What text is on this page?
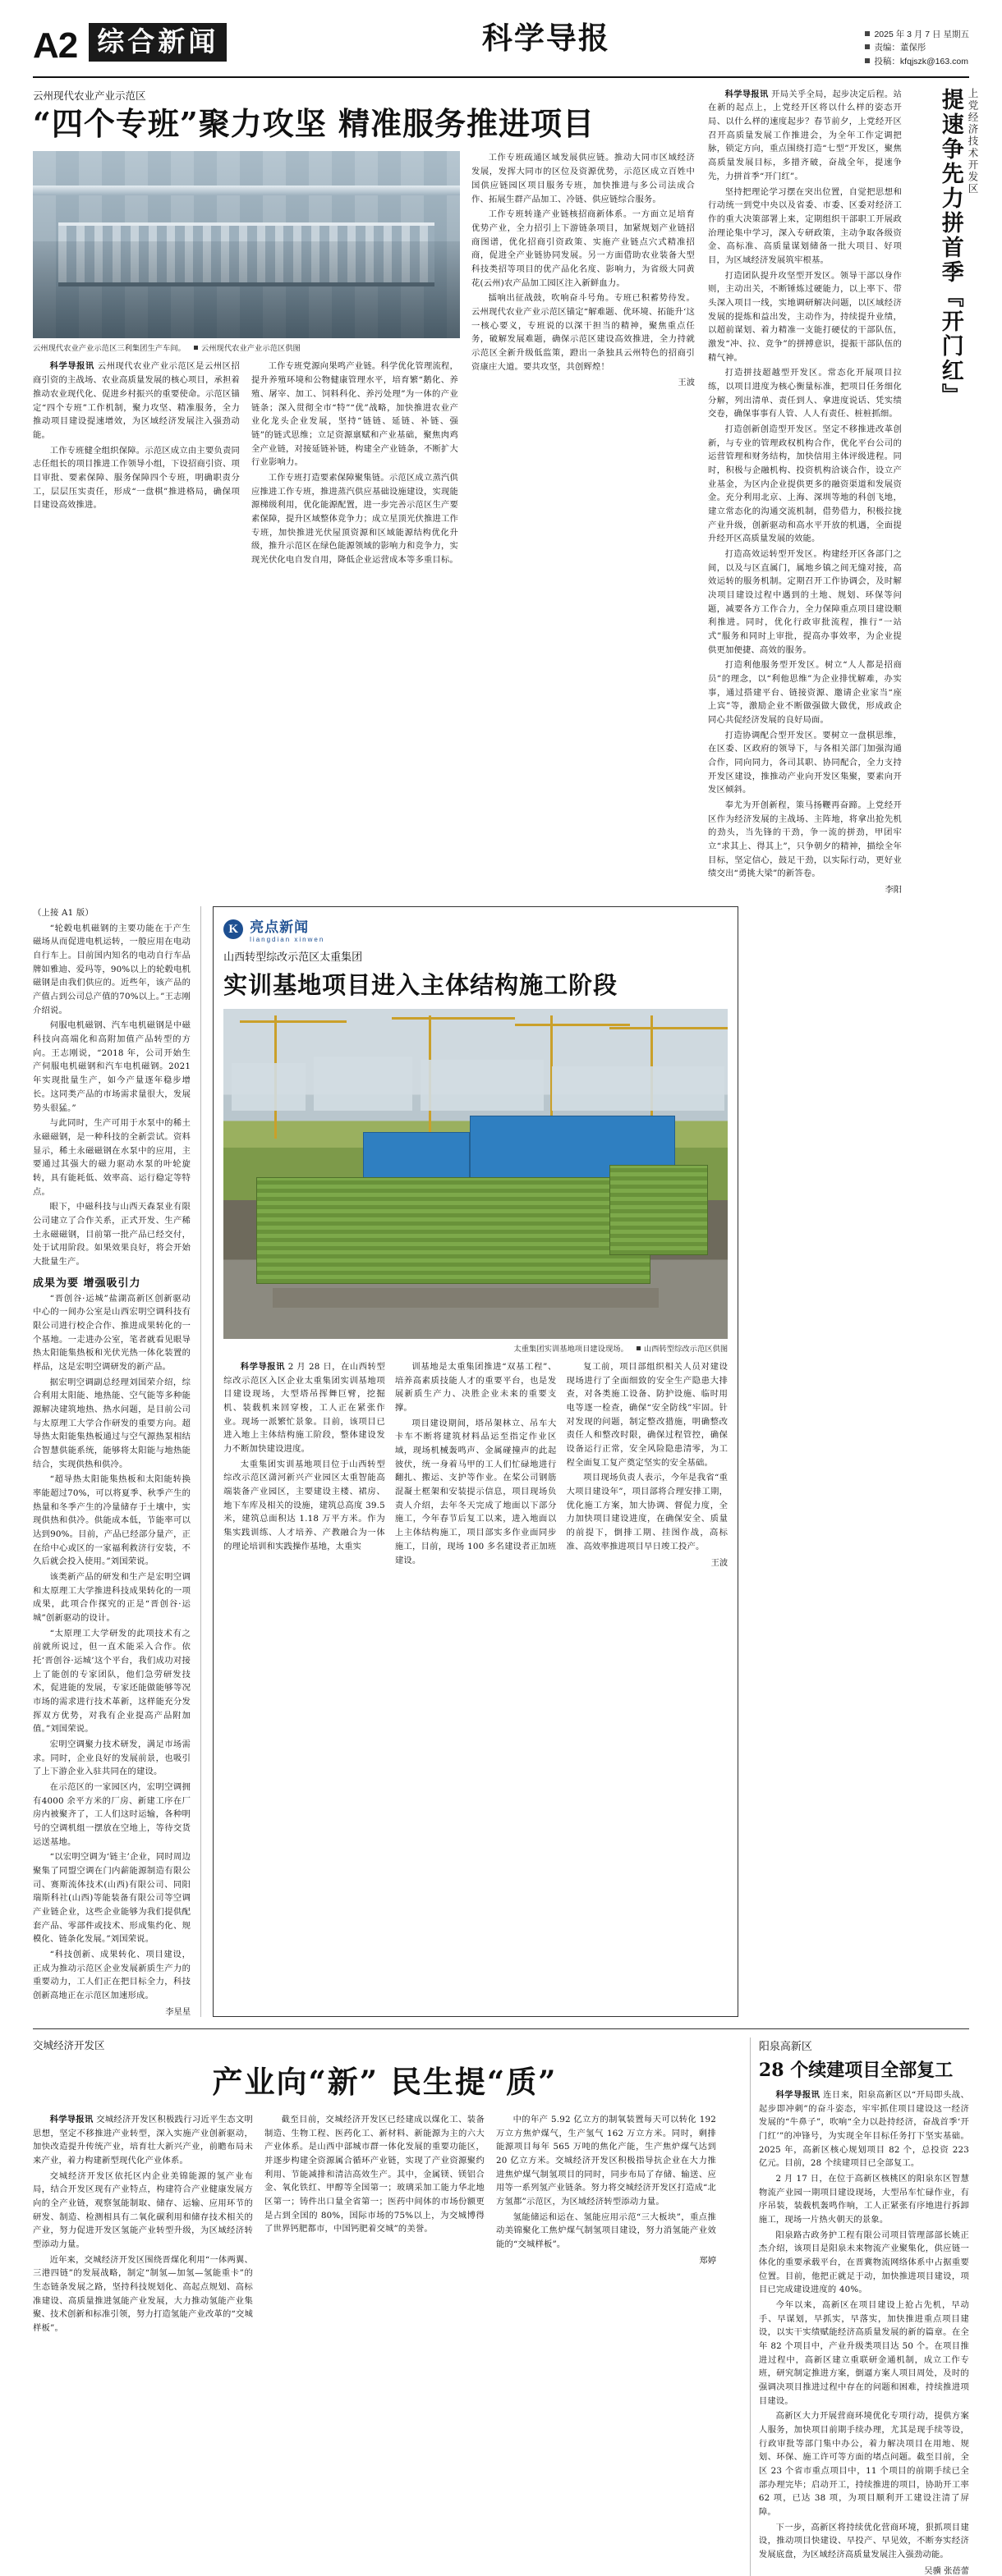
A2 综合新闻	科学导报	2025 年 3 月 7 日 星期五
责编：董保彤
投稿：kfqjszk@163.com
云州现代农业产业示范区
“四个专班”聚力攻坚 精准服务推进项目
云州现代农业产业示范区三利集团生产车间。	云州现代农业产业示范区供图

科学导报讯 云州现代农业产业示范区是云州区招商引资的主战场、农业高质量发展的核心项目，承担着推动农业现代化、促进乡村振兴的重要使命。示范区锚定“四个专班”工作机制，聚力攻坚、精准服务，全力推动项目建设提速增效，为区域经济发展注入强劲动能。

工作专班健全组织保障。示范区成立由主要负责同志任组长的项目推进工作领导小组，下设招商引资、项目审批、要素保障、服务保障四个专班，明确职责分工，层层压实责任，形成“一盘棋”推进格局，确保项目建设高效推进。

工作专班党源向果鸣产业链。科学优化管理流程，提升养殖环境和公物健康管理水平，培育繁“鹅化、养殖、屠宰、加工、饲料科化、养污处理”为一体的产业链条；深入贯彻全市“特”“优”战略，加快推进农业产业化龙头企业发展，坚持“链链、延链、补链、强链”的链式思维；立足资源禀赋和产业基础，聚焦肉鸡全产业链，对接延链补链，构建全产业链条，不断扩大行业影响力。

工作专班打造要素保障聚集链。示范区成立蒸汽供应推进工作专班，推进蒸汽供应基础设施建设，实现能源梯级利用，优化能源配置，进一步完善示范区生产要素保障，提升区域整体竞争力；成立星顶光伏推进工作专班，加快推进光伏屋顶资源和区域能源结构优化升级，推升示范区在绿色能源领域的影响力和竞争力，实现光伏化电自发自用，降低企业运营成本等多重目标。

工作专班疏通区域发展供应链。推动大同市区域经济发展，发挥大同市的区位及资源优势，示范区成立百姓中国供应链园区项目服务专班，加快推进与多公司法成合作、拓展生群产品加工、冷链、供应链综合服务。

工作专班转逢产业链核招商新体系。一方面立足培育优势产业，全力招引上下游链条项目，加紧规划产业链招商图谱，优化招商引资政策、实施产业链点穴式精准招商，促进全产业链协同发展。另一方面借助农业装备大型科技类招等项目的优产品化名度、影响力，为省级大同黄花(云州)农产品加工园区注入新鲜血力。

擂响出征战鼓，吹响奋斗号角。专班已积蓄势待发。云州现代农业产业示范区锚定“解难题、优环境、拓能升‘这一核心要义，专班说的以深干担当的精神，聚焦重点任务，破解发展难题，确保示范区建设高效推进，全力持就示范区全新升级低监策，蹬出一条独具云州特色的招商引资康庄大道。要共攻坚，共创辉煌！

王波

科学导报讯 开局关乎全局，起步决定后程。站在新的起点上，上党经开区将以什么样的姿态开局、以什么样的速度起步？春节前夕，上党经开区召开高质量发展工作推进会，为全年工作定调把脉，锁定方向，重点围绕打造“七型”开发区，聚焦高质量发展目标，多措齐破，奋战全年，提速争先，力拼首季“开门红”。

坚持把理论学习摆在突出位置，自觉把思想和行动统一到党中央以及省委、市委、区委对经济工作的重大决策部署上来，定期组织干部职工开展政治理论集中学习，深入专研政策，主动争取各级资金、高标准、高质量谋划储备一批大项目、好项目，为区域经济发展筑牢根基。

打造团队提升攻坚型开发区。领导干部以身作则，主动出关，不断锤炼过硬能力，以上率下、带头深入项目一线，实地调研解决问题，以区域经济发展的提炼和益出发，主动作为，持续提升业绩，以超前谋划、着力精准一支能打硬仗的干部队伍，激发“冲、拉、竞争”的拼搏意识，提振干部队伍的精气神。

打造拼技超越型开发区。常态化开展项目拉练，以项目进度为核心衡量标准，把项目任务细化分解，列出清单、责任到人、拿进度说话、凭实绩交卷，确保事事有人管、人人有责任、桩桩抓细。

打造创新创造型开发区。坚定不移推进改革创新，与专业的管理政权机构合作，优化平台公司的运营管理和财务结构，加快信用主体评级进程。同时，积极与企融机构、投资机构洽谈合作，设立产业基金，为区内企业提供更多的融资渠道和发展资金。充分利用北京、上海、深圳等地的科创飞地，建立常态化的沟通交流机制，借势借力，积极拉拢产业升级，创新驱动和高水平开放的机遇，全面提升经开区高质量发展的效能。

打造高效运转型开发区。构建经开区各部门之间，以及与区直属门，属地乡镇之间无缝对接，高效运转的服务机制。定期召开工作协调会，及时解决项目建设过程中遇到的土地、规划、环保等问题，减要各方工作合力，全力保障重点项目建设顺利推进。同时，优化行政审批流程，推行“一站式”服务和同时上审批，提高办事效率，为企业提供更加便捷、高效的服务。

打造利他服务型开发区。树立“人人都是招商员”的理念，以“利他思维”为企业排忧解难，办实事，通过搭建平台、链接资源、邀请企业家当“座上宾”等，激励企业不断做强做大做优，形成政企同心共促经济发展的良好局面。

打造协调配合型开发区。要树立一盘棋思维，在区委、区政府的领导下，与各相关部门加强沟通合作，同向同力，各司其职、协同配合，全力支持开发区建设，推推动产业向开发区集聚，要素向开发区倾斜。

奉尤为开创新程，策马扬鞭再奋蹄。上党经开区作为经济发展的主战场、主阵地，将拿出抢先机的劲头，当先锋的干劲，争一流的拼劲，甲团牢立“求其上、得其上”，只争朝夕的精神，描绘全年目标，坚定信心，鼓足干劲，以实际行动，更好业绩交出“勇挑大梁”的新答卷。

李阳
提速争先力拼首季『开门红』 上党经济技术开发区

（上接 A1 版）

“轮毂电机磁钢的主要功能在于产生磁场从而促进电机运转，一般应用在电动自行车上。目前国内知名的电动自行车品牌如雅迪、爱玛等，90%以上的轮毂电机磁钢是由我们供应的。近些年，该产品的产值占到公司总产值的70%以上。”王志刚介绍说。

伺服电机磁钢、汽车电机磁钢是中磁科技向高端化和高附加值产品转型的方向。王志刚说，“2018 年，公司开始生产伺服电机磁钢和汽车电机磁钢。2021 年实现批量生产，如今产量逐年稳步增长。这同类产品的市场需求量很大，发展势头很猛。”

与此同时，生产可用于水泵中的稀土永磁磁钢，是一种科技的全新尝试。资料显示，稀土永磁磁钢在水泵中的应用，主要通过其强大的磁力驱动水泵的叶轮旋转，具有能耗低、效率高、运行稳定等特点。

眼下，中磁科技与山西天森泵业有限公司建立了合作关系，正式开发、生产稀土永磁磁钢，目前第一批产品已经交付，处于试用阶段。如果效果良好，将会开始大批量生产。

成果为要 增强吸引力

“晋创谷·运城”盐湖高新区创新驱动中心的一间办公室是山西宏明空调科技有限公司进行校企合作、推进成果转化的一个基地。一走进办公室，笔者就看见眼导热太阳能集热板和光伏光热一体化装置的样品，这是宏明空调研发的新产品。

据宏明空调副总经理刘国荣介绍，综合利用太阳能、地热能、空气能等多种能源解决建筑地热、热水问题，是目前公司与太原理工大学合作研发的重要方向。超导热太阳能集热板通过与空气源热泵相结合智慧供能系统，能够将太阳能与地热能结合，实现供热和供冷。

“超导热太阳能集热板和太阳能转换率能超过70%，可以将夏季、秋季产生的热量和冬季产生的冷量储存于土壤中，实现供热和供冷。供能成本低，节能率可以达到90%。目前，产品已经部分量产，正在给中心或区的一家福利救济行安装，不久后就会投入使用。”刘国荣说。

该类新产品的研发和生产是宏明空调和太原理工大学推进科技成果转化的一项成果，此项合作探究的正是“晋创谷·运城”创新驱动的设计。

“太原理工大学研发的此项技术有之前就所说过，但一直术能采入合作。依托‘晋创谷·运城’这个平台，我们成功对接上了能创的专家团队，他们急劳研发技术，促进能的发展，专家还能做能够等况市场的需求进行技术革新，这样能充分发挥双方优势，对我有企业提高产品附加值。”刘国荣说。

宏明空调聚力技术研发，满足市场需求。同时，企业良好的发展前景，也吸引了上下游企业入驻共同在的建设。

在示范区的一家园区内，宏明空调拥有4000 余平方米的厂房、新建工序在厂房内被聚齐了，工人们这时运输，各种明号的空调机组一摆放在空地上，等待交货运送基地。

“以宏明空调为‘链主’企业，同时周边聚集了同盟空调在门内薪能源制造有限公司、赛斯流体技术(山西)有限公司、同阳瑞斯科社(山西)等能装备有限公司等空调产业链企业，这些企业能够为我们提供配套产品、零部件或技术、形成集约化、规模化、链条化发展。”刘国荣说。

“科技创新、成果转化、项目建设，正成为推动示范区企业发展新质生产力的重要动力，工人们正在把目标全力，科技创新高地正在示范区加速形成。

李星星
K 亮点新闻
liangdian xinwen
山西转型综改示范区太重集团
实训基地项目进入主体结构施工阶段
太重集团实训基地项目建设现场。	山西转型综改示范区供图

科学导报讯 2 月 28 日，在山西转型综改示范区入区企业太重集团实训基地项目建设现场，大型塔吊挥舞巨臂，挖掘机、装载机来回穿梭，工人正在紧张作业。现场一派繁忙景象。目前，该项目已进入地上主体结构施工阶段，整体建设发力不断加快建设进度。

太重集团实训基地项目位于山西转型综改示范区潇河新兴产业园区太重智能高端装备产业园区，主要建设主楼、裙房、地下车库及相关的设施，建筑总高度 39.5 米，建筑总面积达 1.18 万平方米。作为集实践训练、人才培养、产教融合为一体的理论培训和实践操作基地，太重实

训基地是太重集团推进“双基工程”、培养高素质技能人才的重要平台，也是发展新质生产力、决胜企业未来的重要支撑。

项目建设期间，塔吊架林立、吊车大卡车不断将建筑材料品运至指定作业区域，现场机械轰鸣声、金属碰撞声的此起彼伏，统一身着马甲的工人们忙碌地进行翻扎、搬运、支护等作业。在桨公司钢筋混凝土框架和安装提示信息，项目现场负责人介绍，去年冬天完成了地面以下部分施工，今年春节后复工以来，进入地面以上主体结构施工，项目部实多作业面同步施工，目前，现场 100 多名建设者正加班建设。

复工前，项目部组织相关人员对建设现场进行了全面细致的安全生产隐患大排查，对各类施工设备、防护设施、临时用电等逐一检查，确保“安全防线”牢固。针对发现的问题，制定整改措施，明确整改责任人和整改时限，确保过程管控，确保设备运行正常，安全风险隐患清零，为工程全面复工复产奠定坚实的安全基础。

项目现场负责人表示，今年是我省“重大项目建设年”，项目部将合理安排工期，优化施工方案，加大协调、督促力度，全力加快项目建设进度，在确保安全、质量的前提下，倒排工期、挂图作战，高标准、高效率推进项目早日竣工投产。

王波
交城经济开发区
产业向“新” 民生提“质”

科学导报讯 交城经济开发区积极践行习近平生态文明思想，坚定不移推进产业转型，深入实施产业创新驱动，加快改造提升传统产业，培育壮大新兴产业，前瞻布局未来产业，着力构建新型现代化产业体系。

交城经济开发区依托区内企业美锦能源的氢产业布局，结合开发区现有产业特点，构建符合产业健康发展方向的全产业链，观察氢能制取、储存、运输、应用环节的研发、制造、检测相具有二氧化碳利用和储存技术相关的产业，努力促进开发区氢能产业转型升级，为区域经济转型添动力量。

近年来，交城经济开发区围绕晋煤化利用“一体两翼、三港四链”的发展战略，制定“制氢—加氢—氢能重卡”的生态链条发展之路，坚持科技规划化、高起点规划、高标准建设、高质量推进氢能产业发展，大力推动氢能产业集聚、技术创新和标准引领，努力打造氢能产业改革的“交城样板”。

截至目前，交城经济开发区已经建成以煤化工、装备制造、生物工程、医药化工、新材料、新能源为主的六大产业体系。是山西中部城市群一体化发展的重要功能区，并逐步构建全资源属合循环产业链，实现了产业资源聚约利用、节能减排和清洁高效生产。其中，金属镁、镁铝合金、氧化铁红、甲醇等全国第一；玻璃采加工能力华北地区第一；铸件出口量全省第一；医药中间体的市场份额更是占到全国的 80%，国际市场的75%以上，为交城博得了世界钙肥都市，中国钙肥着交城”的美誉。

中的年产 5.92 亿立方的制氧装置每天可以转化 192 万立方焦炉煤气，生产氢气 162 万立方米。同时，剩排能源项目每年 565 万吨的焦化产能，生产焦炉煤气达到 20 亿立方米。交城经济开发区积极指导抗企业在大力推进焦炉煤气制氢项目的同时，同步布局了存储、输送、应用等一系列氢产业链条。努力将交城经济开发区打造成“北方氢都”示范区，为区域经济转型添动力量。

氢能储运和运在、氢能应用示范“三大板块”，重点推动美锦聚化工焦炉煤气制氢项目建设，努力消氢能产业效能的“交城样板”。

郑婷
阳泉高新区
28 个续建项目全部复工

科学导报讯 连日来，阳泉高新区以“开局即头战、起步即冲刺”的奋斗姿态，牢牢抓住项目建设这一经济发展的“牛鼻子”，吹响“全力以赴持经济，奋战首季‘开门红’”的冲锋号，为实现全年目标任务打下坚实基础。2025 年，高新区核心规划项目 82 个，总投资 223 亿元。目前，28 个续建项目已全部复工。

2 月 17 日，在位于高新区核桃区的阳泉东区智慧物流产业园一期项目建设现场，大型吊车忙碌作业，有序吊装，装载机轰鸣作响，工人正紧张有序地进行拆卸施工，现场一片热火朝天的景象。

阳泉路古政务护工程有限公司项目管理部部长姚正杰介绍，该项目是阳泉未来物流产业聚集化，供应链一体化的重要承载平台，在晋冀物流网络体系中占据重要位置。目前，他把正就足于动，加快推进项目建设，项目已完成建设进度的 40%。

今年以来，高新区在项目建设上抢占先机，早动手、早谋划，早抓实，早落实，加快推进重点项目建设，以实干实绩赋能经济高质量发展的新的篇章。在全年 82 个项目中，产业升级类项目达 50 个。在项目推进过程中，高新区建立重联研金通机制，成立工作专班，研究制定推进方案，倒逼方案人项目周处，及时的强调决项目推进过程中存在的问题和困难，持续推进项目建设。

高新区大力开展营商环境优化专项行动，提供方案人服务，加快项目前期手续办理，尤其是现手续等设，行政审批等部门集中办公，着力解决项目在用地、规划、环保、施工许可等方面的堵点问题。截至目前，全区 23 个省市重点项目中，11 个项目的前期手续已全部办理完毕；启动开工，持续推进的项目，协助开工率 62 项，已达 38 项，为项目顺利开工建设注清了屏障。

下一步，高新区将持续优化营商环境，狠抓项目建设，推动项目快建设、早投产、早见效，不断夯实经济发展底盘，为区域经济高质量发展注入强劲动能。

吴骥 张蓓蕾
